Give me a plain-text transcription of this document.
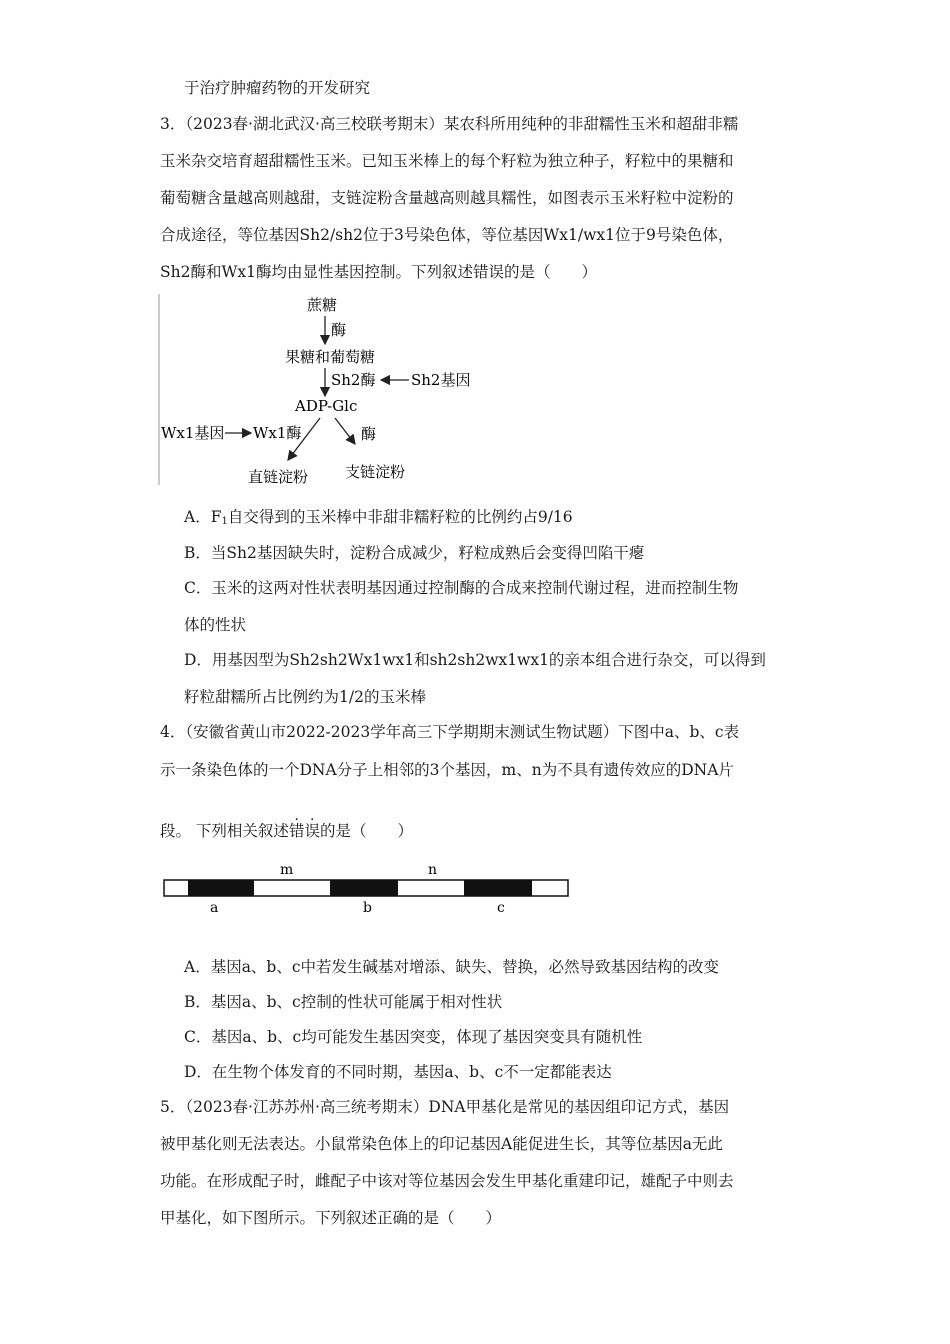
于治疗肿瘤药物的开发研究
3．（2023春·湖北武汉·高三校联考期末）某农科所用纯种的非甜糯性玉米和超甜非糯
玉米杂交培育超甜糯性玉米。已知玉米棒上的每个籽粒为独立种子，籽粒中的果糖和
葡萄糖含量越高则越甜，支链淀粉含量越高则越具糯性，如图表示玉米籽粒中淀粉的
合成途径，等位基因Sh2/sh2位于3号染色体，等位基因Wx1/wx1位于9号染色体，
Sh2酶和Wx1酶均由显性基因控制。下列叙述错误的是（　　）
蔗糖
酶
果糖和葡萄糖
Sh2酶 Sh2基因
ADP-Glc
酶
Wx1基因 Wx1酶
直链淀粉 支链淀粉
A．$F_1$自交得到的玉米棒中非甜非糯籽粒的比例约占9/16
B．当Sh2基因缺失时，淀粉合成减少，籽粒成熟后会变得凹陷干瘪
C．玉米的这两对性状表明基因通过控制酶的合成来控制代谢过程，进而控制生物
体的性状
D．用基因型为Sh2sh2Wx1wx1和sh2sh2wx1wx1的亲本组合进行杂交，可以得到
籽粒甜糯所占比例约为1/2的玉米棒
4．（安徽省黄山市2022-2023学年高三下学期期末测试生物试题）下图中a、b、c表
示一条染色体的一个DNA分子上相邻的3个基因，m、n为不具有遗传效应的DNA片
段。 下列相关叙述错误的是（　　）
m	n
a	b	c
A．基因a、b、c中若发生碱基对增添、缺失、替换，必然导致基因结构的改变
B．基因a、b、c控制的性状可能属于相对性状
C．基因a、b、c均可能发生基因突变，体现了基因突变具有随机性
D．在生物个体发育的不同时期，基因a、b、c不一定都能表达
5．（2023春·江苏苏州·高三统考期末）DNA甲基化是常见的基因组印记方式，基因
被甲基化则无法表达。小鼠常染色体上的印记基因A能促进生长，其等位基因a无此
功能。在形成配子时，雌配子中该对等位基因会发生甲基化重建印记，雄配子中则去
甲基化，如下图所示。下列叙述正确的是（　　）
